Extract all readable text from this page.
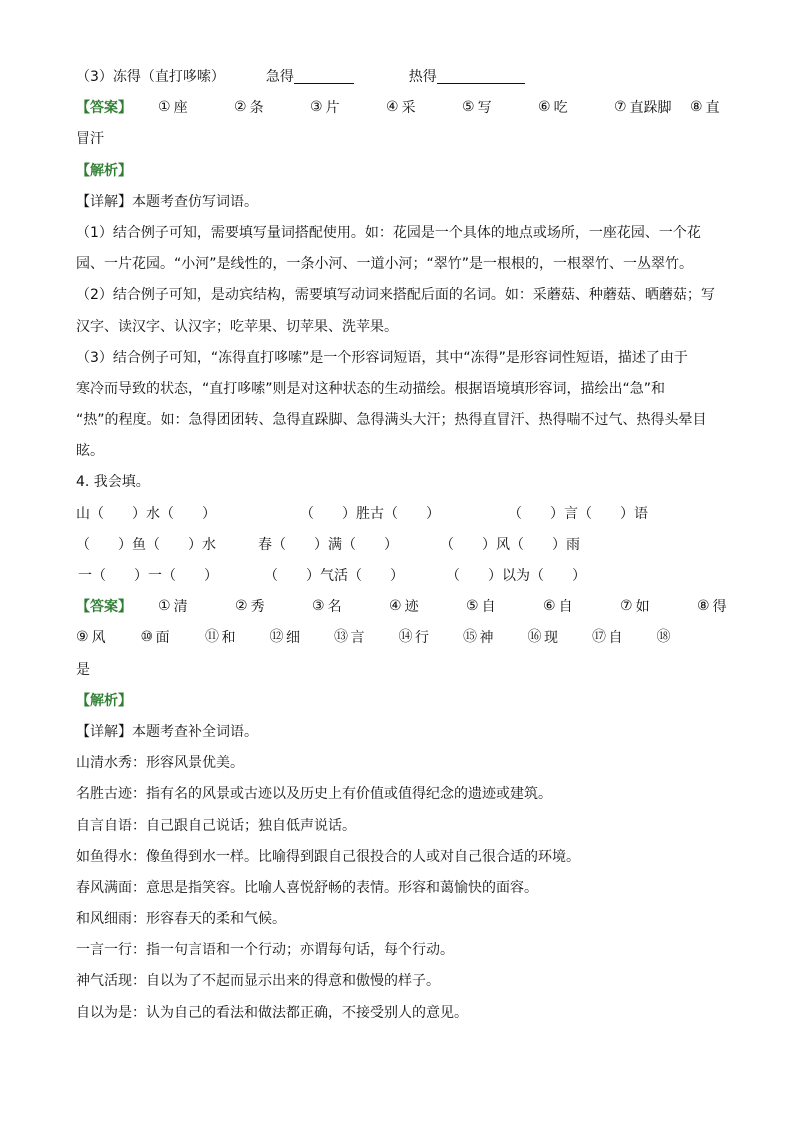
（3）冻得（直打哆嗦）	急得	热得
【答案】 ① 座	② 条	③ 片	④ 采	⑤ 写	⑥ 吃	⑦ 直跺脚 ⑧ 直
冒汗
【解析】
【详解】本题考查仿写词语。
（1）结合例子可知，需要填写量词搭配使用。如：花园是一个具体的地点或场所，一座花园、一个花
园、一片花园。“小河”是线性的，一条小河、一道小河；“翠竹”是一根根的，一根翠竹、一丛翠竹。
（2）结合例子可知，是动宾结构，需要填写动词来搭配后面的名词。如：采蘑菇、种蘑菇、晒蘑菇；写
汉字、读汉字、认汉字；吃苹果、切苹果、洗苹果。
（3）结合例子可知，“冻得直打哆嗦”是一个形容词短语，其中“冻得”是形容词性短语，描述了由于
寒冷而导致的状态，“直打哆嗦”则是对这种状态的生动描绘。根据语境填形容词，描绘出“急”和
“热”的程度。如：急得团团转、急得直跺脚、急得满头大汗；热得直冒汗、热得喘不过气、热得头晕目
眩。
4. 我会填。
山（　　）水（　　）	（　　）胜古（　　）	（　　）言（　　）语
（　　）鱼（　　）水	春（　　）满（　　）	（　　）风（　　）雨
一（　　）一（　　）	（　　）气活（　　）	（　　）以为（　　）
【答案】 ① 清	② 秀	③ 名	④ 迹	⑤ 自	⑥ 自	⑦ 如	⑧ 得
⑨ 风 ⑩ 面	⑪ 和 ⑫ 细 ⑬ 言 ⑭ 行 ⑮ 神 ⑯ 现 ⑰ 自 ⑱
是
【解析】
【详解】本题考查补全词语。
山清水秀：形容风景优美。
名胜古迹：指有名的风景或古迹以及历史上有价值或值得纪念的遗迹或建筑。
自言自语：自己跟自己说话；独自低声说话。
如鱼得水：像鱼得到水一样。比喻得到跟自己很投合的人或对自己很合适的环境。
春风满面：意思是指笑容。比喻人喜悦舒畅的表情。形容和蔼愉快的面容。
和风细雨：形容春天的柔和气候。
一言一行：指一句言语和一个行动；亦谓每句话，每个行动。
神气活现：自以为了不起而显示出来的得意和傲慢的样子。
自以为是：认为自己的看法和做法都正确，不接受别人的意见。
